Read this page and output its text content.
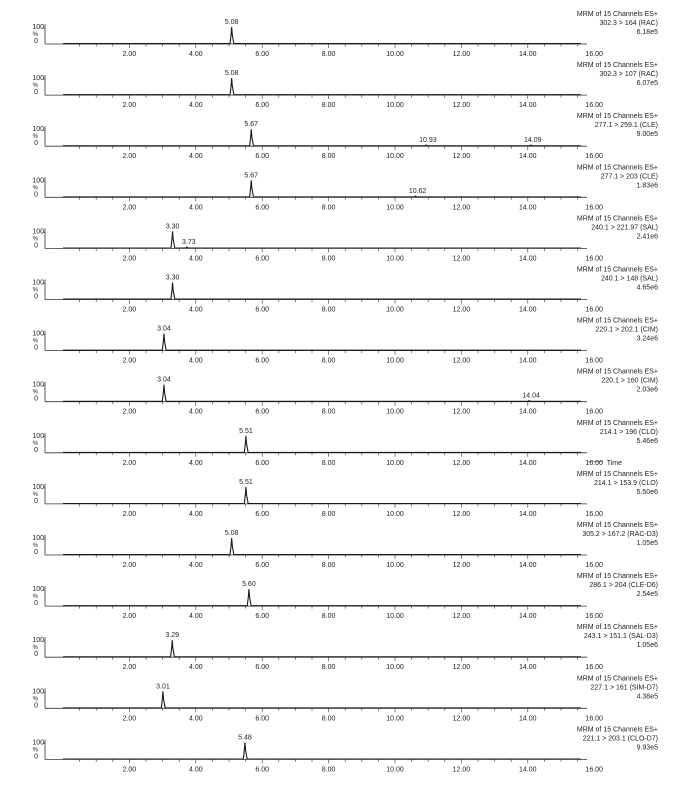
100
%
0
2.00	4.00	6.00	8.00	10.00	12.00	14.00	16.00
MRM of 15 Channels ES+
302.3 > 164 (RAC)
6.18e5
5.08
100
%
0
2.00	4.00	6.00	8.00	10.00	12.00	14.00	16.00
MRM of 15 Channels ES+
302.3 > 107 (RAC)
6.07e5
5.08
100
%
0
2.00	4.00	6.00	8.00	10.00	12.00	14.00	16.00
MRM of 15 Channels ES+
277.1 > 259.1 (CLE)
9.00e5
5.67
10.93	14.09
100
%
0
2.00	4.00	6.00	8.00	10.00	12.00	14.00	16.00
MRM of 15 Channels ES+
277.1 > 203 (CLE)
1.83e6
5.67
10.62
100
%
0
2.00	4.00	6.00	8.00	10.00	12.00	14.00	16.00
MRM of 15 Channels ES+
240.1 > 221.97 (SAL)
2.41e6
3.30
3.73
100
%
0
2.00	4.00	6.00	8.00	10.00	12.00	14.00	16.00
MRM of 15 Channels ES+
240.1 > 148 (SAL)
4.65e6
3.30
100
%
0
2.00	4.00	6.00	8.00	10.00	12.00	14.00	16.00
MRM of 15 Channels ES+
220.1 > 202.1 (CIM)
3.24e6
3.04
100
%
0
2.00	4.00	6.00	8.00	10.00	12.00	14.00	16.00
MRM of 15 Channels ES+
220.1 > 160 (CIM)
2.03e6
3.04
14.04
100
%
0
2.00	4.00	6.00	8.00	10.00	12.00	14.00	16.00 Time
MRM of 15 Channels ES+
214.1 > 196 (CLO)
5.46e6
5.51
100
%
0
2.00	4.00	6.00	8.00	10.00	12.00	14.00	16.00
MRM of 15 Channels ES+
214.1 > 153.9 (CLO)
5.50e6
5.51
100
%
0
2.00	4.00	6.00	8.00	10.00	12.00	14.00	16.00
MRM of 15 Channels ES+
305.2 > 167.2 (RAC-D3)
1.05e5
5.08
100
%
0
2.00	4.00	6.00	8.00	10.00	12.00	14.00	16.00
MRM of 15 Channels ES+
286.1 > 204 (CLE-D6)
2.54e5
5.60
100
%
0
2.00	4.00	6.00	8.00	10.00	12.00	14.00	16.00
MRM of 15 Channels ES+
243.1 > 151.1 (SAL-D3)
1.05e6
3.29
100
%
0
2.00	4.00	6.00	8.00	10.00	12.00	14.00	16.00
MRM of 15 Channels ES+
227.1 > 161 (SIM-D7)
4.38e5
3.01
100
%
0
2.00	4.00	6.00	8.00	10.00	12.00	14.00	16.00
MRM of 15 Channels ES+
221.1 > 203.1 (CLO-D7)
9.93e5
5.48
